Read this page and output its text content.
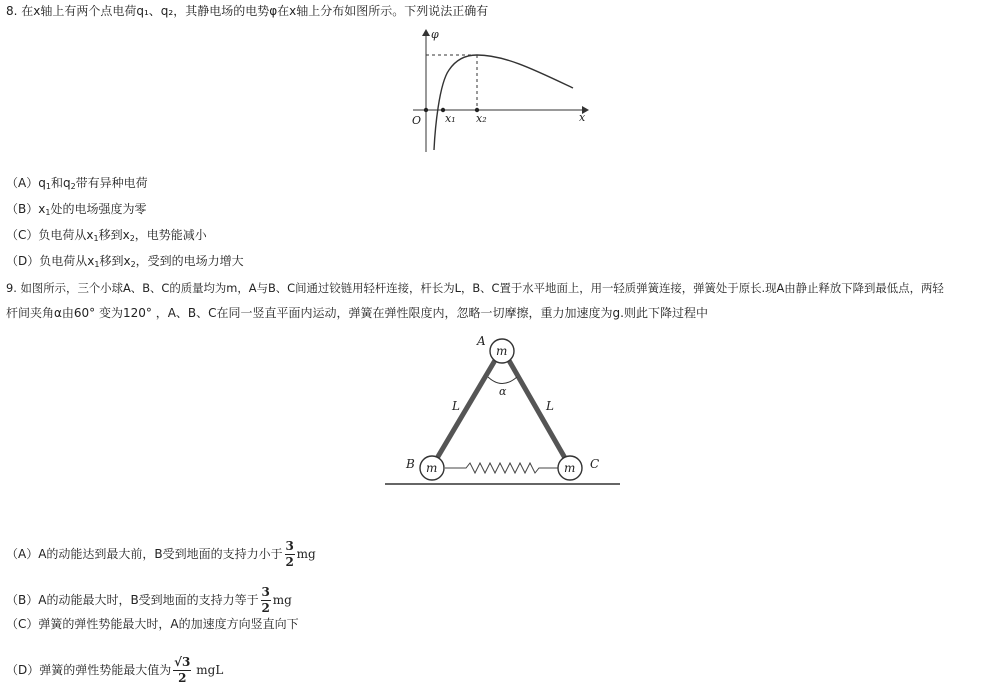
8. 在x轴上有两个点电荷q₁、q₂，其静电场的电势φ在x轴上分布如图所示。下列说法正确有
φ
O x₁ x₂	x
$(A)q_1$和$q_2$带有异种电荷
$(B)x_1$处的电场强度为零
（C）负电荷从$x_1$移到$x_2$，电势能减小
（D）负电荷从$x_1$移到$x_2$，受到的电场力增大
9. 如图所示，三个小球A、B、C的质量均为m，A与B、C间通过铰链用轻杆连接，杆长为L，B、C置于水平地面上，用一轻质弹簧连接，弹簧处于原长.现A由静止释放下降到最低点，两轻
杆间夹角α由60° 变为120° ，A、B、C在同一竖直平面内运动，弹簧在弹性限度内，忽略一切摩擦，重力加速度为g.则此下降过程中
α
m
m	m
A
B	C
L	L
（A）A的动能达到最大前，B受到地面的支持力小于 $\frac{3}{2}$ mg
（B）A的动能最大时，B受到地面的支持力等于 $\frac{3}{2}$ mg
（C）弹簧的弹性势能最大时，A的加速度方向竖直向下
（D）弹簧的弹性势能最大值为 $\frac{√3}{2}$ mgL
